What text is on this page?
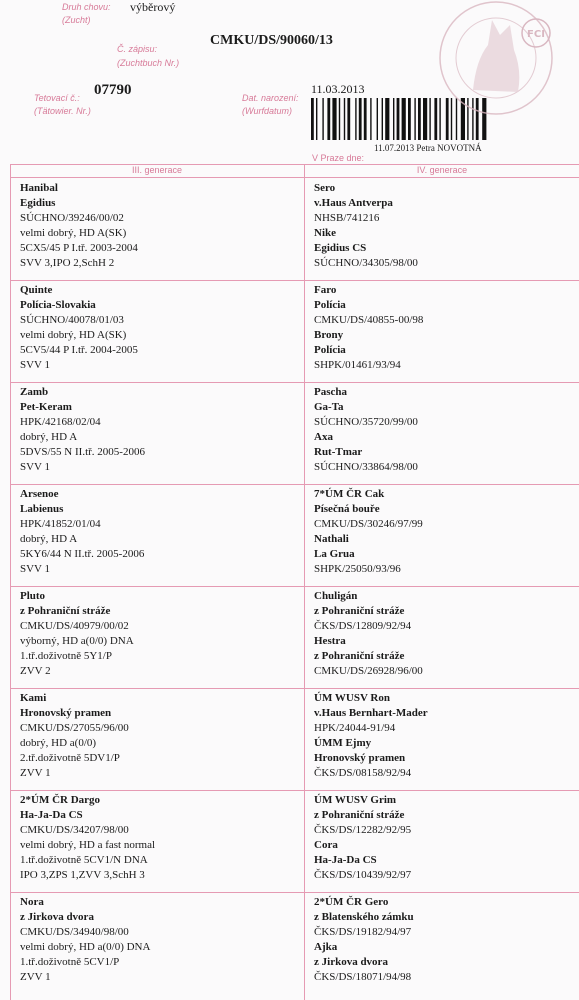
Druh chovu:
(Zucht)
výběrový
Č. zápisu:
(Zuchtbuch Nr.)
CMKU/DS/90060/13
Tetovací č.:
(Tätowier. Nr.)
07790	Dat. narození:
(Wurfdatum)
11.03.2013
11.07.2013 Petra NOVOTNÁ
V Praze dne:
FCI
III. generace	IV. generace
Hanibal
Egidius
SÚCHNO/39246/00/02
velmi dobrý, HD A(SK)
5CX5/45 P I.tř. 2003-2004
SVV 3,IPO 2,SchH 2
Sero
v.Haus Antverpa
NHSB/741216
Nike
Egidius CS
SÚCHNO/34305/98/00
Quinte
Polícia-Slovakia
SÚCHNO/40078/01/03
velmi dobrý, HD A(SK)
5CV5/44 P I.tř. 2004-2005
SVV 1
Faro
Polícia
CMKU/DS/40855-00/98
Brony
Polícia
SHPK/01461/93/94
Zamb
Pet-Keram
HPK/42168/02/04
dobrý, HD A
5DVS/55 N II.tř. 2005-2006
SVV 1
Pascha
Ga-Ta
SÚCHNO/35720/99/00
Axa
Rut-Tmar
SÚCHNO/33864/98/00
Arsenoe
Labienus
HPK/41852/01/04
dobrý, HD A
5KY6/44 N II.tř. 2005-2006
SVV 1
7*ÚM ČR Cak
Písečná bouře
CMKU/DS/30246/97/99
Nathali
La Grua
SHPK/25050/93/96
Pluto
z Pohraniční stráže
CMKU/DS/40979/00/02
výborný, HD a(0/0) DNA
1.tř.doživotně 5Y1/P
ZVV 2
Chuligán
z Pohraniční stráže
ČKS/DS/12809/92/94
Hestra
z Pohraniční stráže
CMKU/DS/26928/96/00
Kami
Hronovský pramen
CMKU/DS/27055/96/00
dobrý, HD a(0/0)
2.tř.doživotně 5DV1/P
ZVV 1
ÚM WUSV Ron
v.Haus Bernhart-Mader
HPK/24044-91/94
ÚMM Ejmy
Hronovský pramen
ČKS/DS/08158/92/94
2*ÚM ČR Dargo
Ha-Ja-Da CS
CMKU/DS/34207/98/00
velmi dobrý, HD a fast normal
1.tř.doživotně 5CV1/N DNA
IPO 3,ZPS 1,ZVV 3,SchH 3
ÚM WUSV Grim
z Pohraniční stráže
ČKS/DS/12282/92/95
Cora
Ha-Ja-Da CS
ČKS/DS/10439/92/97
Nora
z Jirkova dvora
CMKU/DS/34940/98/00
velmi dobrý, HD a(0/0) DNA
1.tř.doživotně 5CV1/P
ZVV 1
2*ÚM ČR Gero
z Blatenského zámku
ČKS/DS/19182/94/97
Ajka
z Jirkova dvora
ČKS/DS/18071/94/98
